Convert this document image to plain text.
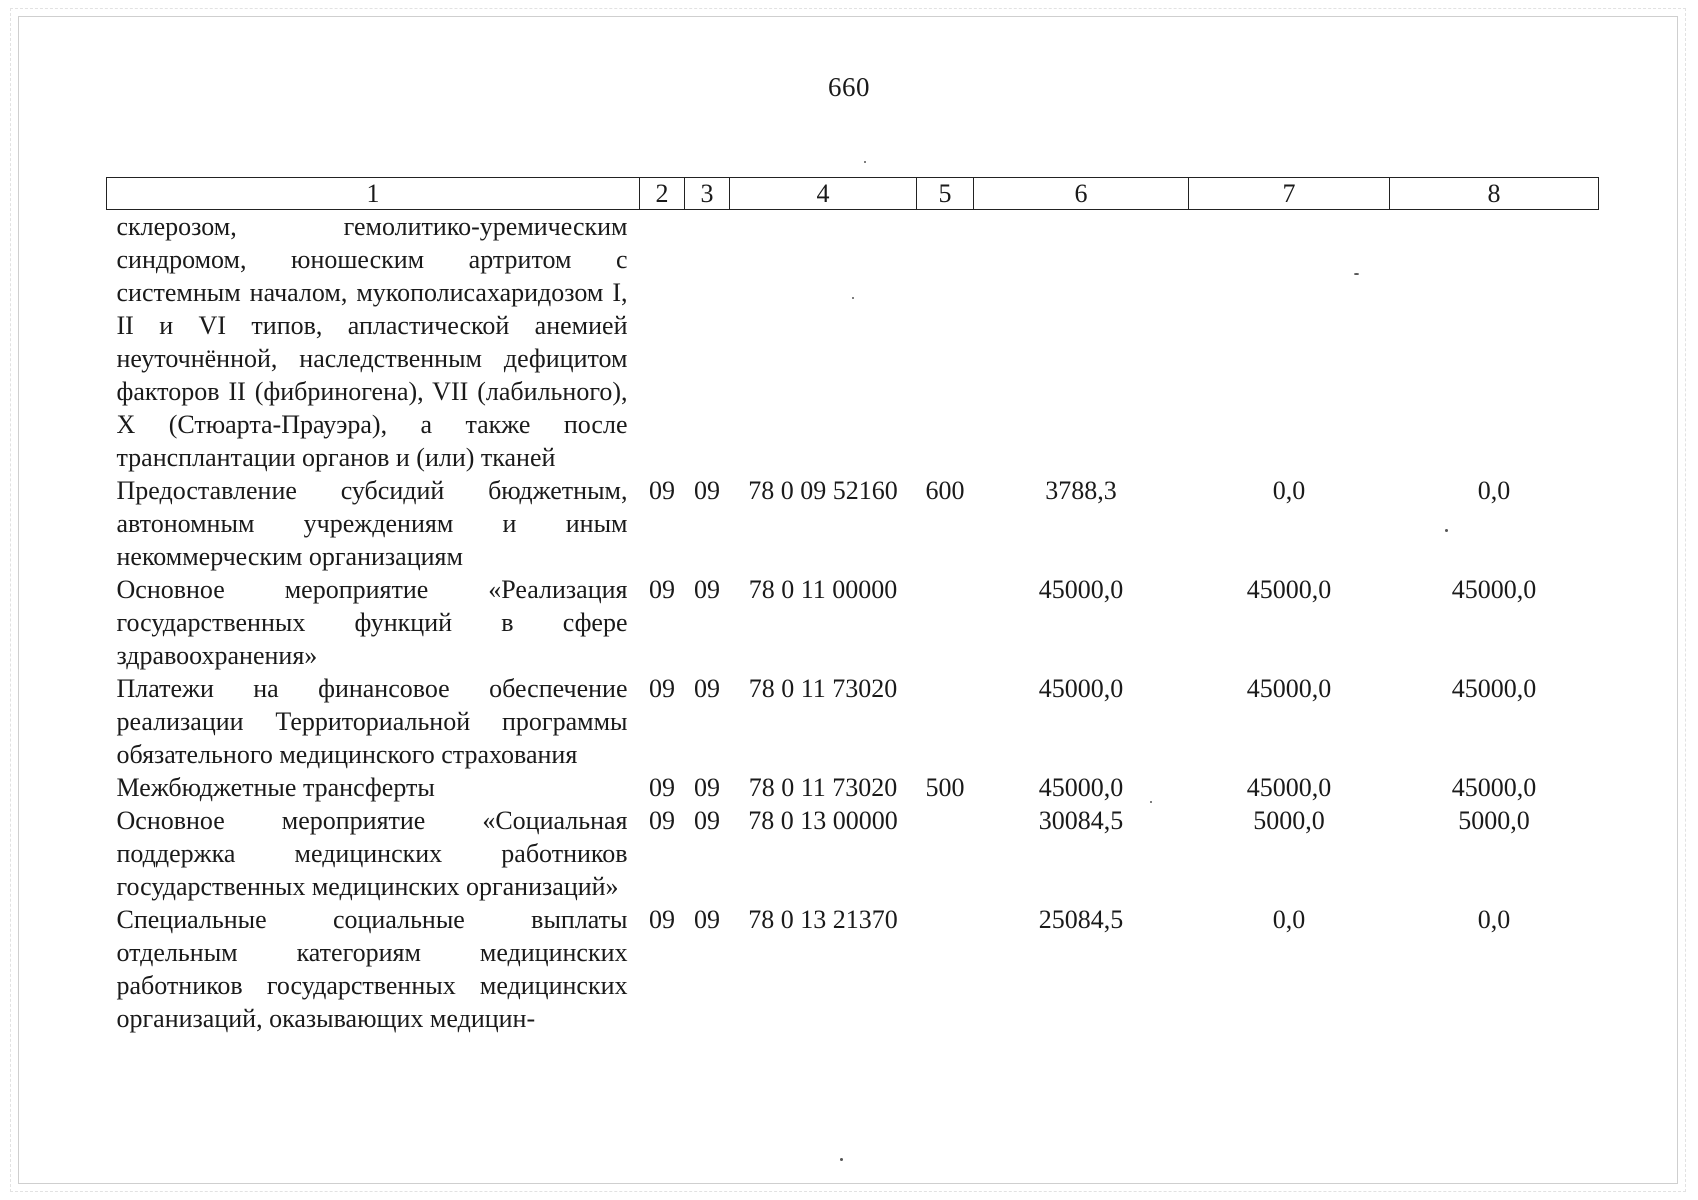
660
1	2	3	4	5	6	7	8
склерозом, гемолитико-уремическим синдромом, юношеским артритом с системным началом, мукополисахаридозом I, II и VI типов, апластической анемией неуточнённой, наследственным дефицитом факторов II (фибриногена), VII (лабильного), X (Стюарта-Прауэра), а также после трансплантации органов и (или) тканей							
Предоставление субсидий бюджетным, автономным учреждениям и иным некоммерческим организациям	09	09	78 0 09 52160	600	3788,3	0,0	0,0
Основное мероприятие «Реализация государственных функций в сфере здравоохранения»	09	09	78 0 11 00000		45000,0	45000,0	45000,0
Платежи на финансовое обеспечение реализации Территориальной программы обязательного медицинского страхования	09	09	78 0 11 73020		45000,0	45000,0	45000,0
Межбюджетные трансферты	09	09	78 0 11 73020	500	45000,0	45000,0	45000,0
Основное мероприятие «Социальная поддержка медицинских работников государственных медицинских организаций»	09	09	78 0 13 00000		30084,5	5000,0	5000,0
Специальные социальные выплаты отдельным категориям медицинских работников государственных медицинских организаций, оказывающих медицин-	09	09	78 0 13 21370		25084,5	0,0	0,0
